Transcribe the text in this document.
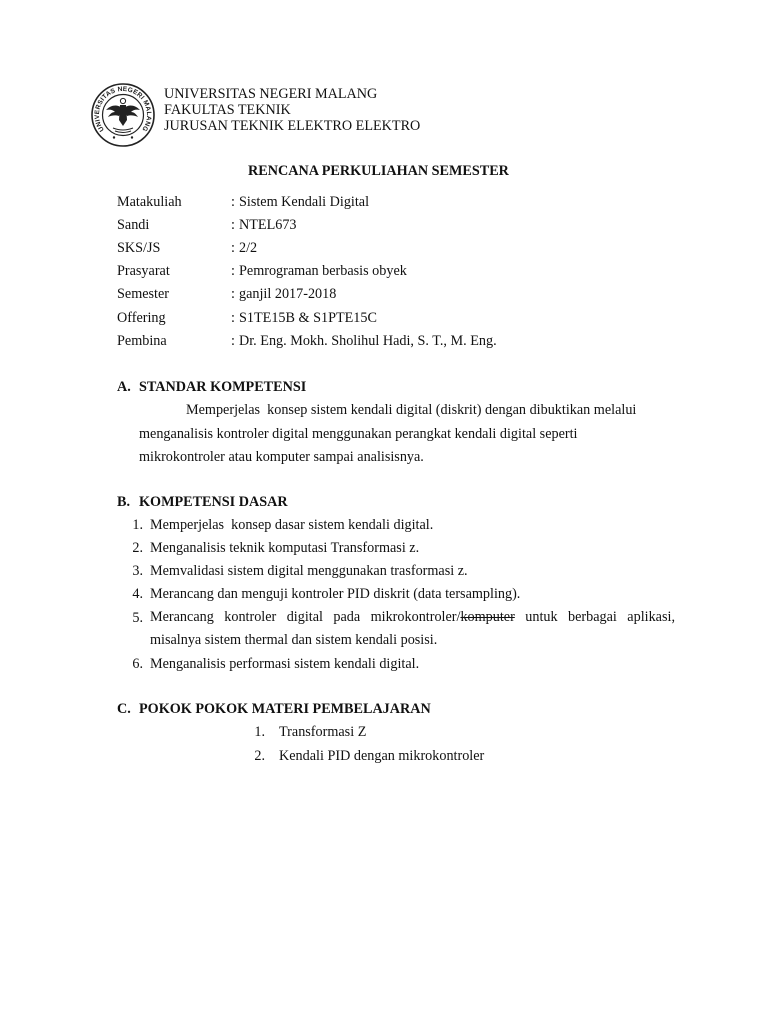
UNIVERSITAS NEGERI MALANG
UNIVERSITAS NEGERI MALANG
FAKULTAS TEKNIK
JURUSAN TEKNIK ELEKTRO ELEKTRO
RENCANA PERKULIAHAN SEMESTER
Matakuliah	: Sistem Kendali Digital
Sandi	: NTEL673
SKS/JS	: 2/2
Prasyarat	: Pemrograman berbasis obyek
Semester	: ganjil 2017-2018
Offering	: S1TE15B & S1PTE15C
Pembina	: Dr. Eng. Mokh. Sholihul Hadi, S. T., M. Eng.
A. STANDAR KOMPETENSI
Memperjelas  konsep sistem kendali digital (diskrit) dengan dibuktikan melalui
menganalisis kontroler digital menggunakan perangkat kendali digital seperti
mikrokontroler atau komputer sampai analisisnya.
B. KOMPETENSI DASAR
1. Memperjelas  konsep dasar sistem kendali digital.
2. Menganalisis teknik komputasi Transformasi z.
3. Memvalidasi sistem digital menggunakan trasformasi z.
4. Merancang dan menguji kontroler PID diskrit (data tersampling).
5. Merancang kontroler digital pada mikrokontroler/komputer untuk berbagai aplikasi, misalnya sistem thermal dan sistem kendali posisi.
6. Menganalisis performasi sistem kendali digital.
C. POKOK POKOK MATERI PEMBELAJARAN
1. Transformasi Z
2. Kendali PID dengan mikrokontroler
